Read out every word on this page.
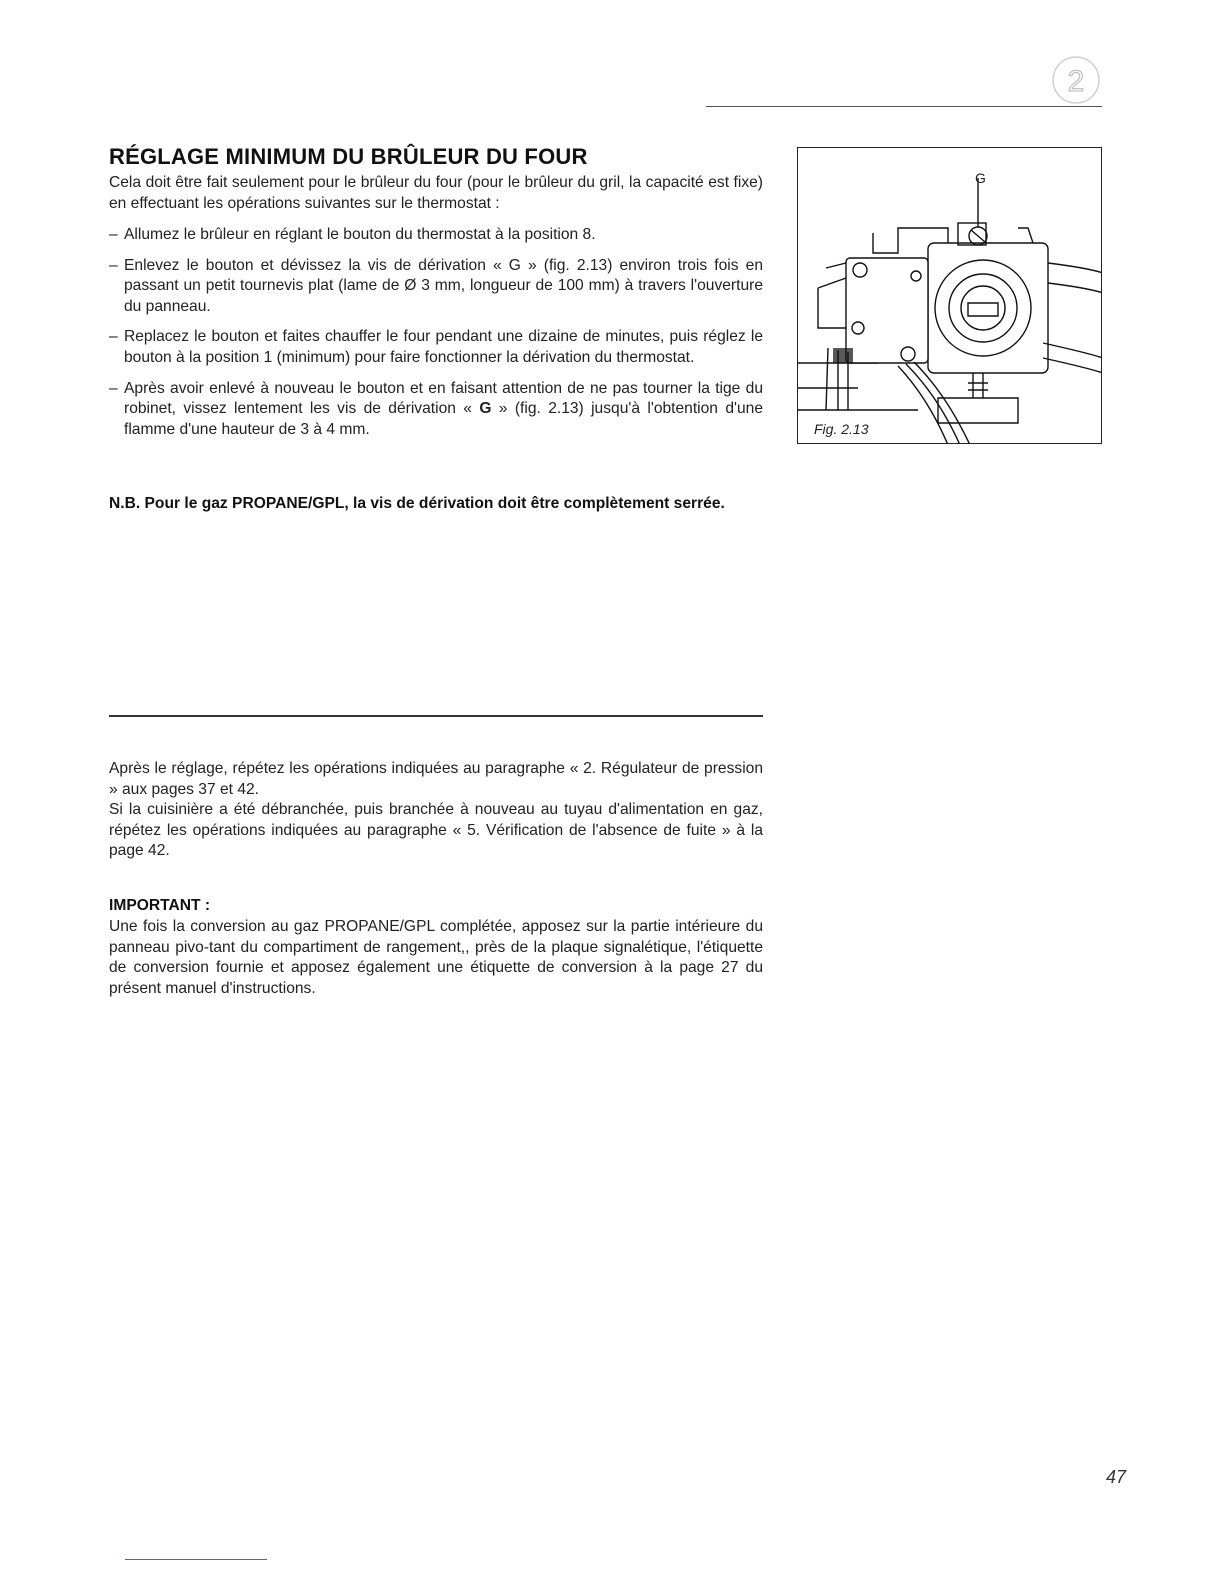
2
RÉGLAGE MINIMUM DU BRÛLEUR DU FOUR

Cela doit être fait seulement pour le brûleur du four (pour le brûleur du gril, la capacité est fixe) en effectuant les opérations suivantes sur le thermostat :

– Allumez le brûleur en réglant le bouton du thermostat à la position 8.
– Enlevez le bouton et dévissez la vis de dérivation « G » (fig. 2.13) environ trois fois en passant un petit tournevis plat (lame de Ø 3 mm, longueur de 100 mm) à travers l'ouverture du panneau.
– Replacez le bouton et faites chauffer le four pendant une dizaine de minutes, puis réglez le bouton à la position 1 (minimum) pour faire fonctionner la dérivation du thermostat.
– Après avoir enlevé à nouveau le bouton et en faisant attention de ne pas tourner la tige du robinet, vissez lentement les vis de dérivation « G » (fig. 2.13) jusqu'à l'obtention d'une flamme d'une hauteur de 3 à 4 mm.
G
Fig. 2.13

N.B. Pour le gaz PROPANE/GPL, la vis de dérivation doit être complètement serrée.

Après le réglage, répétez les opérations indiquées au paragraphe « 2. Régulateur de pression » aux pages 37 et 42.

Si la cuisinière a été débranchée, puis branchée à nouveau au tuyau d'alimentation en gaz, répétez les opérations indiquées au paragraphe « 5. Vérification de l'absence de fuite » à la page 42.

IMPORTANT :

Une fois la conversion au gaz PROPANE/GPL complétée, apposez sur la partie intérieure du panneau pivo-tant du compartiment de rangement,, près de la plaque signalétique, l'étiquette de conversion fournie et apposez également une étiquette de conversion à la page 27 du présent manuel d'instructions.

47
